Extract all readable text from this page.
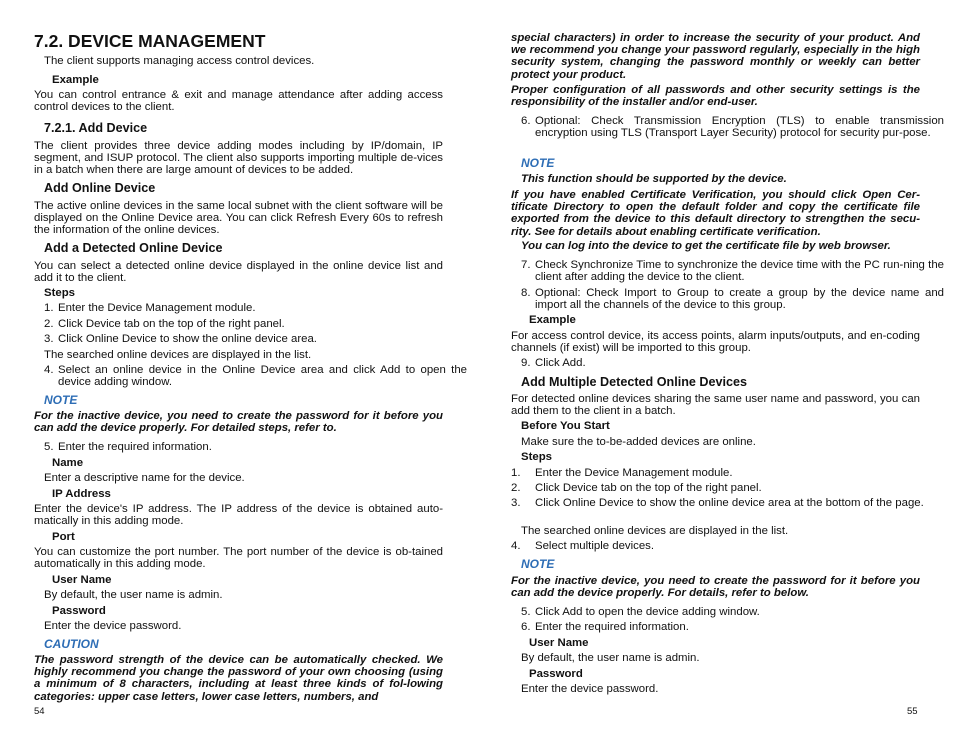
7.2. DEVICE MANAGEMENT

The client supports managing access control devices.

Example

You can control entrance & exit and manage attendance after adding access control devices to the client.

7.2.1. Add Device

The client provides three device adding modes including by IP/domain, IP segment, and ISUP protocol. The client also supports importing multiple de-vices in a batch when there are large amount of devices to be added.

Add Online Device

The active online devices in the same local subnet with the client software will be displayed on the Online Device area. You can click Refresh Every 60s to refresh the information of the online devices.

Add a Detected Online Device

You can select a detected online device displayed in the online device list and add it to the client.

Steps

1. Enter the Device Management module.

2. Click Device tab on the top of the right panel.

3. Click Online Device to show the online device area.

The searched online devices are displayed in the list.

4. Select an online device in the Online Device area and click Add to open the device adding window.

NOTE

For the inactive device, you need to create the password for it before you can add the device properly. For detailed steps, refer to.

5. Enter the required information.

Name

Enter a descriptive name for the device.

IP Address

Enter the device's IP address. The IP address of the device is obtained auto-matically in this adding mode.

Port

You can customize the port number. The port number of the device is ob-tained automatically in this adding mode.

User Name

By default, the user name is admin.

Password

Enter the device password.

CAUTION

The password strength of the device can be automatically checked. We highly recommend you change the password of your own choosing (using a minimum of 8 characters, including at least three kinds of fol-lowing categories: upper case letters, lower case letters, numbers, and

54

special characters) in order to increase the security of your product. And we recommend you change your password regularly, especially in the high security system, changing the password monthly or weekly can better protect your product.

Proper configuration of all passwords and other security settings is the responsibility of the installer and/or end-user.

6. Optional: Check Transmission Encryption (TLS) to enable transmission encryption using TLS (Transport Layer Security) protocol for security pur-pose.

NOTE

This function should be supported by the device.

If you have enabled Certificate Verification, you should click Open Cer-tificate Directory to open the default folder and copy the certificate file exported from the device to this default directory to strengthen the secu-rity. See for details about enabling certificate verification.

You can log into the device to get the certificate file by web browser.

7. Check Synchronize Time to synchronize the device time with the PC run-ning the client after adding the device to the client.

8. Optional: Check Import to Group to create a group by the device name and import all the channels of the device to this group.

Example

For access control device, its access points, alarm inputs/outputs, and en-coding channels (if exist) will be imported to this group.

9. Click Add.

Add Multiple Detected Online Devices

For detected online devices sharing the same user name and password, you can add them to the client in a batch.

Before You Start

Make sure the to-be-added devices are online.

Steps

1. Enter the Device Management module.

2. Click Device tab on the top of the right panel.

3. Click Online Device to show the online device area at the bottom of the page.

The searched online devices are displayed in the list.

4. Select multiple devices.

NOTE

For the inactive device, you need to create the password for it before you can add the device properly. For details, refer to below.

5. Click Add to open the device adding window.

6. Enter the required information.

User Name

By default, the user name is admin.

Password

Enter the device password.

55
